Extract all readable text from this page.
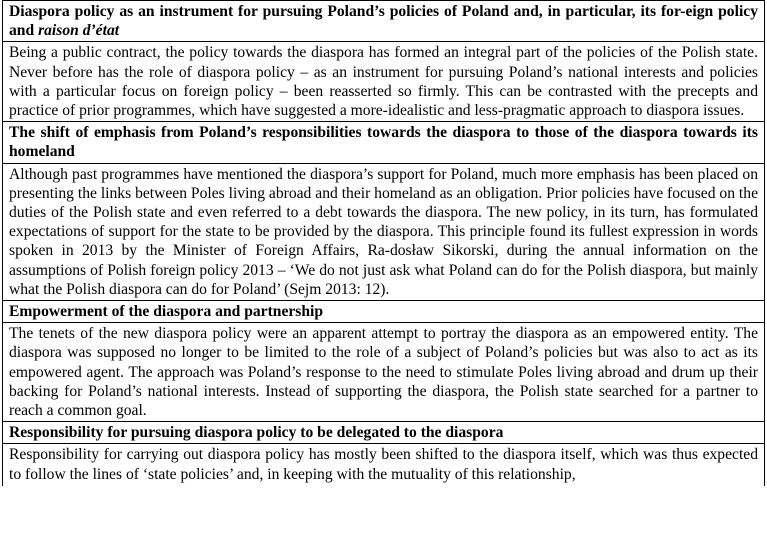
Diaspora policy as an instrument for pursuing Poland’s policies of Poland and, in particular, its for-eign policy and raison d’état
Being a public contract, the policy towards the diaspora has formed an integral part of the policies of the Polish state. Never before has the role of diaspora policy – as an instrument for pursuing Poland’s national interests and policies with a particular focus on foreign policy – been reasserted so firmly. This can be contrasted with the precepts and practice of prior programmes, which have suggested a more-idealistic and less-pragmatic approach to diaspora issues.
The shift of emphasis from Poland’s responsibilities towards the diaspora to those of the diaspora towards its homeland
Although past programmes have mentioned the diaspora’s support for Poland, much more emphasis has been placed on presenting the links between Poles living abroad and their homeland as an obligation. Prior policies have focused on the duties of the Polish state and even referred to a debt towards the diaspora. The new policy, in its turn, has formulated expectations of support for the state to be provided by the diaspora. This principle found its fullest expression in words spoken in 2013 by the Minister of Foreign Affairs, Ra-dosław Sikorski, during the annual information on the assumptions of Polish foreign policy 2013 – ‘We do not just ask what Poland can do for the Polish diaspora, but mainly what the Polish diaspora can do for Poland’ (Sejm 2013: 12).
Empowerment of the diaspora and partnership
The tenets of the new diaspora policy were an apparent attempt to portray the diaspora as an empowered entity. The diaspora was supposed no longer to be limited to the role of a subject of Poland’s policies but was also to act as its empowered agent. The approach was Poland’s response to the need to stimulate Poles living abroad and drum up their backing for Poland’s national interests. Instead of supporting the diaspora, the Polish state searched for a partner to reach a common goal.
Responsibility for pursuing diaspora policy to be delegated to the diaspora

Responsibility for carrying out diaspora policy has mostly been shifted to the diaspora itself, which was thus expected to follow the lines of ‘state policies’ and, in keeping with the mutuality of this relationship,
